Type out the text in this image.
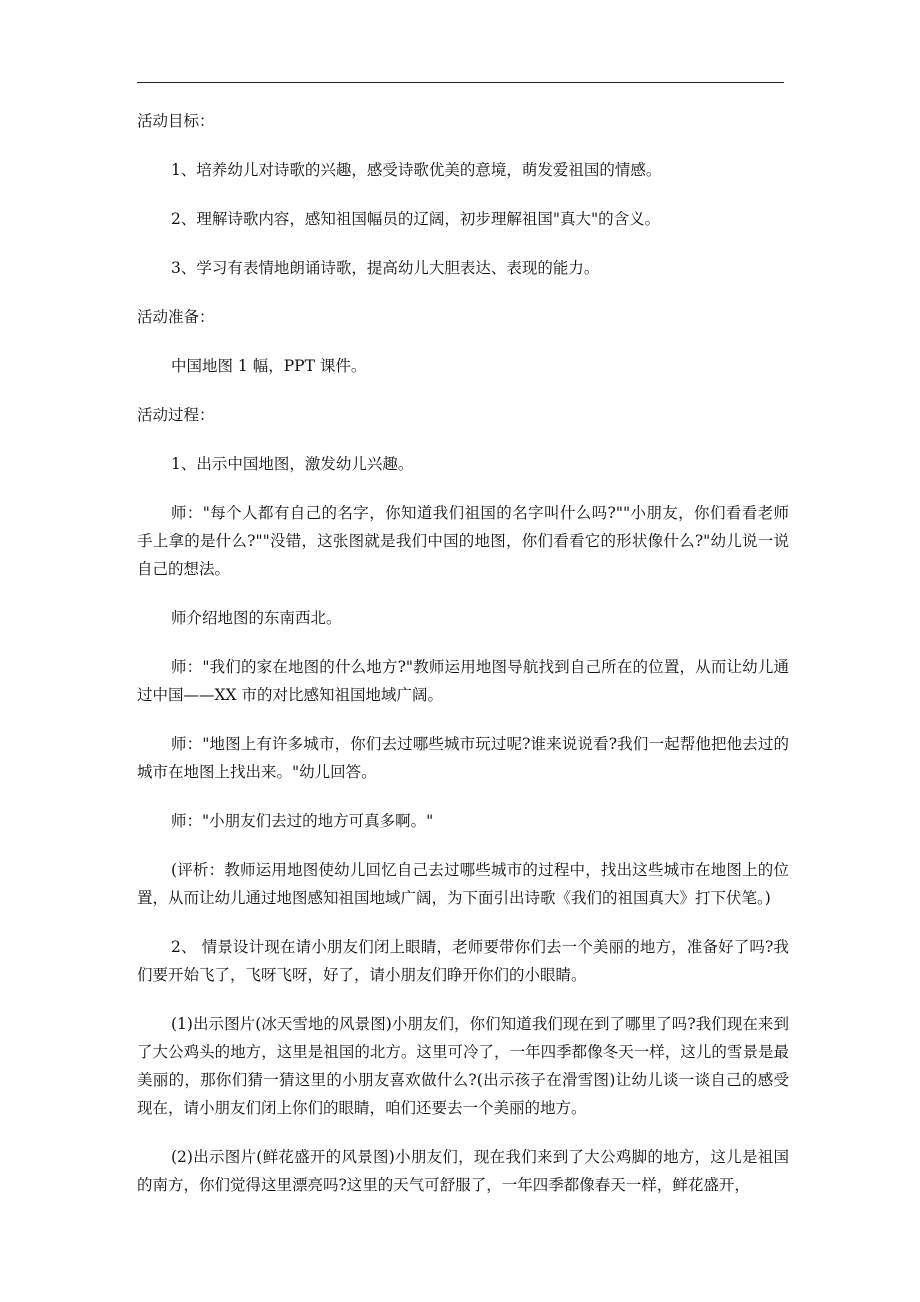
活动目标：

1、培养幼儿对诗歌的兴趣，感受诗歌优美的意境，萌发爱祖国的情感。

2、理解诗歌内容，感知祖国幅员的辽阔，初步理解祖国"真大"的含义。

3、学习有表情地朗诵诗歌，提高幼儿大胆表达、表现的能力。

活动准备：

中国地图 1 幅，PPT 课件。

活动过程：

1、出示中国地图，激发幼儿兴趣。

师："每个人都有自己的名字，你知道我们祖国的名字叫什么吗?""小朋友，你们看看老师手上拿的是什么?""没错，这张图就是我们中国的地图，你们看看它的形状像什么?"幼儿说一说自己的想法。

师介绍地图的东南西北。

师："我们的家在地图的什么地方?"教师运用地图导航找到自己所在的位置，从而让幼儿通过中国——XX 市的对比感知祖国地域广阔。

师："地图上有许多城市，你们去过哪些城市玩过呢?谁来说说看?我们一起帮他把他去过的城市在地图上找出来。"幼儿回答。

师："小朋友们去过的地方可真多啊。"

(评析：教师运用地图使幼儿回忆自己去过哪些城市的过程中，找出这些城市在地图上的位置，从而让幼儿通过地图感知祖国地域广阔，为下面引出诗歌《我们的祖国真大》打下伏笔。)

2、 情景设计现在请小朋友们闭上眼睛，老师要带你们去一个美丽的地方，准备好了吗?我们要开始飞了，飞呀飞呀，好了，请小朋友们睁开你们的小眼睛。

(1)出示图片(冰天雪地的风景图)小朋友们，你们知道我们现在到了哪里了吗?我们现在来到了大公鸡头的地方，这里是祖国的北方。这里可冷了，一年四季都像冬天一样，这儿的雪景是最美丽的，那你们猜一猜这里的小朋友喜欢做什么?(出示孩子在滑雪图)让幼儿谈一谈自己的感受现在，请小朋友们闭上你们的眼睛，咱们还要去一个美丽的地方。

(2)出示图片(鲜花盛开的风景图)小朋友们，现在我们来到了大公鸡脚的地方，这儿是祖国的南方，你们觉得这里漂亮吗?这里的天气可舒服了，一年四季都像春天一样，鲜花盛开，
